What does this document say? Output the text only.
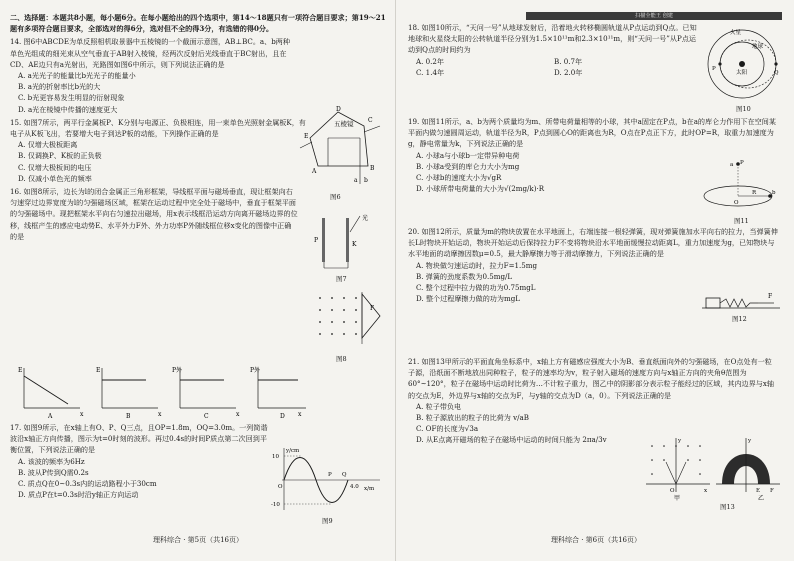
二、选择题：本题共8小题，每小题6分。在每小题给出的四个选项中，第14～18题只有一项符合题目要求；第19～21题有多项符合题目要求，全部选对的得6分，选对但不全的得3分，有选错的得0分。

14. 图6中ABCDE为单反照相机取景器中五棱镜的一个截面示意图，AB⊥BC。a、b两种单色光组成的细光束从空气垂直于AB射入棱镜，经两次反射后光线垂直于BC射出，且在CD、AE边只有a光射出，光路图如图6中所示，则下列说法正确的是

A. a光光子的能量比b光光子的能量小

B. a光的折射率比b光的大

C. b光更容易发生明显的衍射现象

D. a光在棱镜中传播的速度更大

五棱镜
E
D
C
B
A
a b
图6

15. 如图7所示，两平行金属板P、K分别与电源正、负极相连，用一束单色光照射金属板K，有电子从K板飞出，若要增大电子到达P板的动能，下列操作正确的是

A. 仅增大极板距离

B. 仅调换P、K板的正负极

C. 仅增大极板间的电压

D. 仅减小单色光的频率

P
K
光
图7

16. 如图8所示，边长为l的闭合金属正三角形框架，导线框平面与磁场垂直，现让框架向右匀速穿过边界宽度为l的匀强磁场区域，框架在运动过程中完全处于磁场中，垂直于框架平面的匀强磁场中。现把框架水平向右匀速拉出磁场，用x表示线框沿运动方向离开磁场边界的位移，线框产生的感应电动势E、水平外力F外、外力功率P外随线框位移x变化的图像中正确的是

F
图8
E
x
A
E
x
B
P外
x
C
P外
x
D

17. 如图9所示，在x轴上有O、P、Q三点，且OP=1.8m，OQ=3.0m。一列简谐波沿x轴正方向传播，图示为t=0时刻的波形。再过0.4s的时间P质点第二次回到平衡位置，下列说法正确的是

A. 该波的频率为6Hz

B. 波从P传到Q需0.2s

C. 质点Q在0~0.3s内的运动路程小于30cm

D. 质点P在t=0.3s时沿y轴正方向运动

y/cm
x/m
10
-10
O
P Q
4.0
图9
理科综合 · 第5页（共16页）
扫描全能王 创建

18. 如图10所示，“天问一号”从地球发射后，沿着地火转移椭圆轨道从P点运动到Q点。已知地球和火星绕太阳的公转轨道半径分别为1.5×10¹¹m和2.3×10¹¹m，则“天问一号”从P点运动到Q点的时间约为

A. 0.2年	B. 0.7年

C. 1.4年	D. 2.0年

火星
地球
太阳
P
Q
图10

19. 如图11所示，a、b为两个质量均为m、所带电荷量相等的小球，其中a固定在P点，b在a的库仑力作用下在空间某平面内做匀速圆周运动，轨道半径为R，P点到圆心O的距离也为R，O点在P点正下方，此时OP=R，取重力加速度为g，静电常量为k，下列说法正确的是

A. 小球a与小球b一定带异种电荷

B. 小球a受到的库仑力大小为mg

C. 小球b的速度大小为√gR

D. 小球所带电荷量的大小为√(2mg/k)·R

P
a
O
R	b
图11

20. 如图12所示，质量为m的物块放置在水平地面上，右端连接一根轻弹簧，现对弹簧施加水平向右的拉力，当弹簧伸长L时物块开始运动，物块开始运动后保持拉力F不变将物块沿水平地面缓慢拉动距离L，重力加速度为g，已知物块与水平地面的动摩擦因数μ=0.5，最大静摩擦力等于滑动摩擦力，下列说法正确的是

A. 物块做匀速运动时，拉力F=1.5mg

B. 弹簧的劲度系数为0.5mg/L

C. 整个过程中拉力做的功为0.75mgL

D. 整个过程摩擦力做的功为mgL	F
图12

21. 如图13甲所示的平面直角坐标系中，x轴上方有磁感应强度大小为B、垂直纸面向外的匀强磁场，在O点处有一粒子源，沿纸面不断地放出同种粒子，粒子的速率均为v，粒子射入磁场的速度方向与x轴正方向的夹角θ范围为60°~120°，粒子在磁场中运动时比荷为…不计粒子重力，图乙中的阴影部分表示粒子能经过的区域，其内边界与x轴的交点为E，外边界与x轴的交点为F，与y轴的交点为D（a，0）。下列说法正确的是

A. 粒子带负电

B. 粒子源放出的粒子的比荷为 v/aB

C. OF的长度为√3a

D. 从E点离开磁场的粒子在磁场中运动的时间只能为 2πa/3v	y
x
O
甲
y
E F
D
乙
图13
理科综合 · 第6页（共16页）
